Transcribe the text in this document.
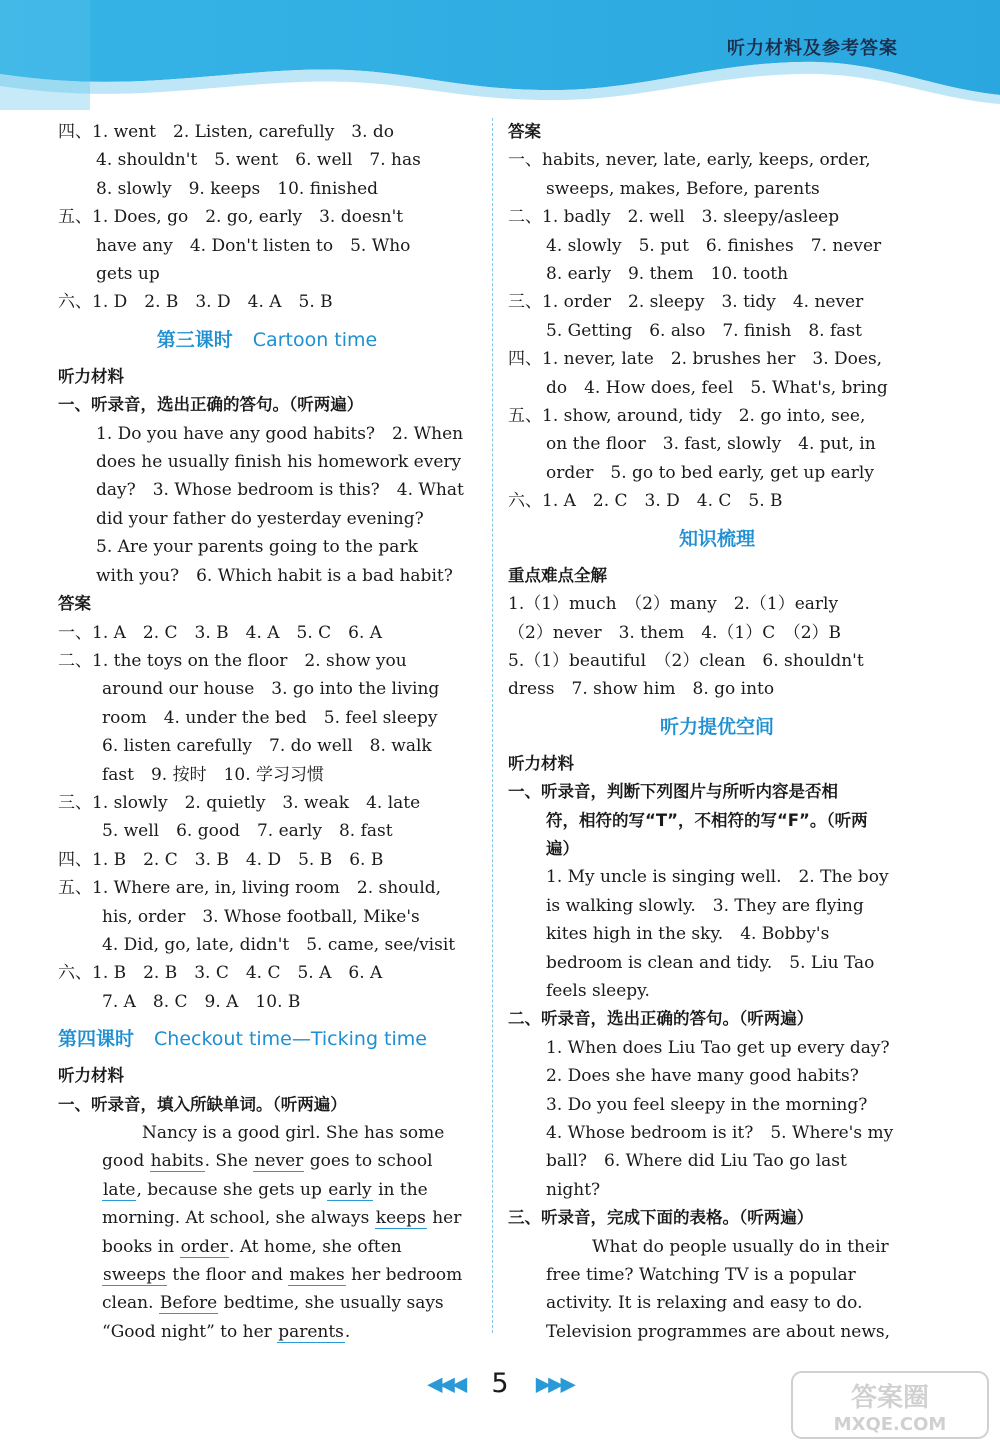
听力材料及参考答案
四、1. went　2. Listen, carefully　3. do
4. shouldn't　5. went　6. well　7. has
8. slowly　9. keeps　10. finished
五、1. Does, go　2. go, early　3. doesn't
have any　4. Don't listen to　5. Who
gets up
六、1. D　2. B　3. D　4. A　5. B
第三课时 Cartoon time
听力材料
一、听录音，选出正确的答句。（听两遍）
1. Do you have any good habits?　2. When
does he usually finish his homework every
day?　3. Whose bedroom is this?　4. What
did your father do yesterday evening?
5. Are your parents going to the park
with you?　6. Which habit is a bad habit?
答案
一、1. A　2. C　3. B　4. A　5. C　6. A
二、1. the toys on the floor　2. show you
around our house　3. go into the living
room　4. under the bed　5. feel sleepy
6. listen carefully　7. do well　8. walk
fast　9. 按时　10. 学习习惯
三、1. slowly　2. quietly　3. weak　4. late
5. well　6. good　7. early　8. fast
四、1. B　2. C　3. B　4. D　5. B　6. B
五、1. Where are, in, living room　2. should,
his, order　3. Whose football, Mike's
4. Did, go, late, didn't　5. came, see/visit
六、1. B　2. B　3. C　4. C　5. A　6. A
7. A　8. C　9. A　10. B
第四课时 Checkout time—Ticking time
听力材料
一、听录音，填入所缺单词。（听两遍）
Nancy is a good girl. She has some
good habits. She never goes to school
late, because she gets up early in the
morning. At school, she always keeps her
books in order. At home, she often
sweeps the floor and makes her bedroom
clean. Before bedtime, she usually says
“Good night” to her parents.
答案
一、habits, never, late, early, keeps, order,
sweeps, makes, Before, parents
二、1. badly　2. well　3. sleepy/asleep
4. slowly　5. put　6. finishes　7. never
8. early　9. them　10. tooth
三、1. order　2. sleepy　3. tidy　4. never
5. Getting　6. also　7. finish　8. fast
四、1. never, late　2. brushes her　3. Does,
do　4. How does, feel　5. What's, bring
五、1. show, around, tidy　2. go into, see,
on the floor　3. fast, slowly　4. put, in
order　5. go to bed early, get up early
六、1. A　2. C　3. D　4. C　5. B
知识梳理
重点难点全解
1.（1）much　（2）many　2.（1）early
（2）never　3. them　4.（1）C　（2）B
5.（1）beautiful　（2）clean　6. shouldn't
dress　7. show him　8. go into
听力提优空间
听力材料
一、听录音，判断下列图片与所听内容是否相
符，相符的写“T”，不相符的写“F”。（听两
遍）
1. My uncle is singing well.　2. The boy
is walking slowly.　3. They are flying
kites high in the sky.　4. Bobby's
bedroom is clean and tidy.　5. Liu Tao
feels sleepy.
二、听录音，选出正确的答句。（听两遍）
1. When does Liu Tao get up every day?
2. Does she have many good habits?
3. Do you feel sleepy in the morning?
4. Whose bedroom is it?　5. Where's my
ball?　6. Where did Liu Tao go last
night?
三、听录音，完成下面的表格。（听两遍）
What do people usually do in their
free time? Watching TV is a popular
activity. It is relaxing and easy to do.
Television programmes are about news,
◀◀◀ 5 ▶▶▶	答案圈
MXQE.COM
